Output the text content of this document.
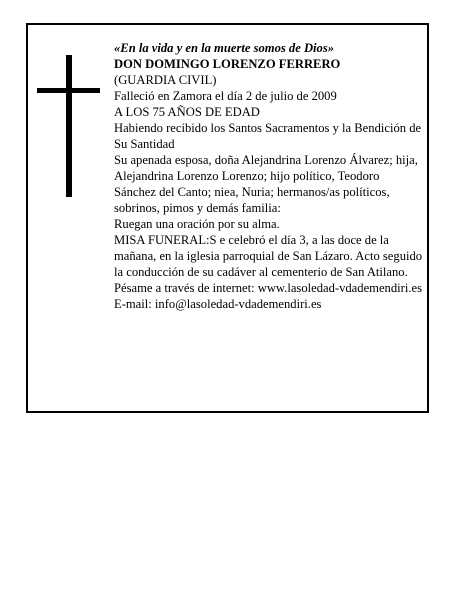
«En la vida y en la muerte somos de Dios»

DON DOMINGO LORENZO FERRERO

(GUARDIA CIVIL)

Falleció en Zamora el día 2 de julio de 2009

A LOS 75 AÑOS DE EDAD

Habiendo recibido los Santos Sacramentos y la Bendición de Su Santidad

Su apenada esposa, doña Alejandrina Lorenzo Álvarez; hija, Alejandrina Lorenzo Lorenzo; hijo político, Teodoro Sánchez del Canto; niea, Nuria; hermanos/as políticos, sobrinos, pimos y demás familia:

Ruegan una oración por su alma.

MISA FUNERAL:S e celebró el día 3, a las doce de la mañana, en la iglesia parroquial de San Lázaro. Acto seguido la conducción de su cadáver al cementerio de San Atilano.

Pésame a través de internet: www.lasoledad-vdademendiri.es

E-mail: info@lasoledad-vdademendiri.es
